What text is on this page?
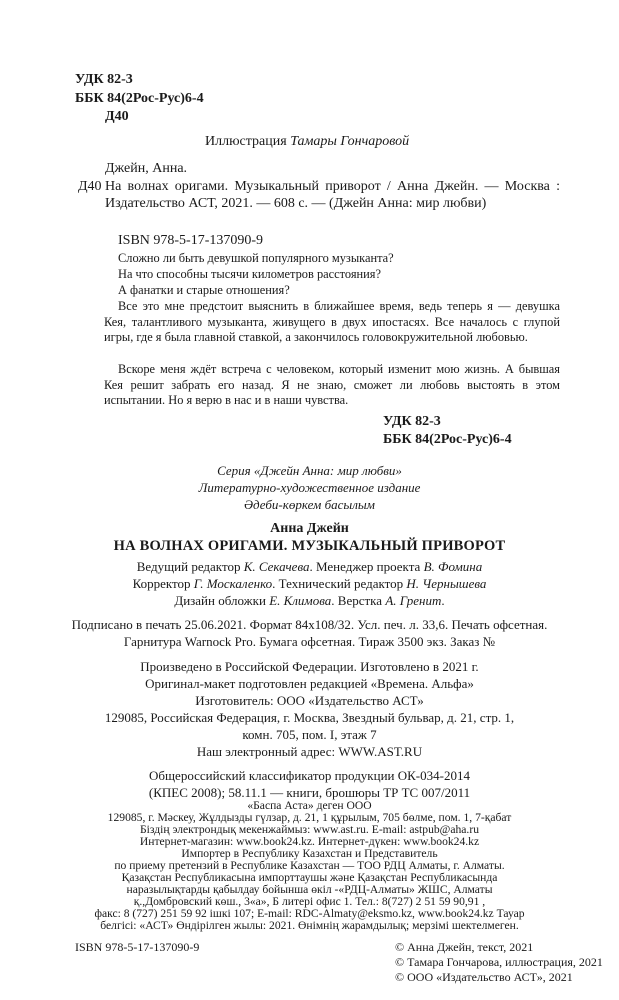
УДК 82-3
ББК 84(2Рос-Рус)6-4
Д40
Иллюстрация Тамары Гончаровой
Джейн, Анна.
Д40 На волнах оригами. Музыкальный приворот / Анна Джейн. — Москва : Издательство АСТ, 2021. — 608 с. — (Джейн Анна: мир любви)
ISBN 978-5-17-137090-9
Сложно ли быть девушкой популярного музыканта?
На что способны тысячи километров расстояния?
А фанатки и старые отношения?
Все это мне предстоит выяснить в ближайшее время, ведь теперь я — девушка Кея, талантливого музыканта, живущего в двух ипостасях. Все началось с глупой игры, где я была главной ставкой, а закончилось головокружительной любовью.
Вскоре меня ждёт встреча с человеком, который изменит мою жизнь. А бывшая Кея решит забрать его назад. Я не знаю, сможет ли любовь выстоять в этом испытании. Но я верю в нас и в наши чувства.
УДК 82-3
ББК 84(2Рос-Рус)6-4
Серия «Джейн Анна: мир любви»
Литературно-художественное издание
Әдеби-көркем басылым
Анна Джейн
НА ВОЛНАХ ОРИГАМИ. МУЗЫКАЛЬНЫЙ ПРИВОРОТ
Ведущий редактор К. Секачева. Менеджер проекта В. Фомина
Корректор Г. Москаленко. Технический редактор Н. Чернышева
Дизайн обложки Е. Климова. Верстка А. Гренит.
Подписано в печать 25.06.2021. Формат 84x108/32. Усл. печ. л. 33,6. Печать офсетная.
Гарнитура Warnock Pro. Бумага офсетная. Тираж 3500 экз. Заказ №
Произведено в Российской Федерации. Изготовлено в 2021 г.
Оригинал-макет подготовлен редакцией «Времена. Альфа»
Изготовитель: ООО «Издательство АСТ»
129085, Российская Федерация, г. Москва, Звездный бульвар, д. 21, стр. 1,
комн. 705, пом. I, этаж 7
Наш электронный адрес: WWW.AST.RU
Общероссийский классификатор продукции ОК-034-2014
(КПЕС 2008); 58.11.1 — книги, брошюры ТР ТС 007/2011
«Баспа Аста» деген ООО
129085, г. Мәскеу, Жұлдызды гүлзар, д. 21, 1 құрылым, 705 бөлме, пом. 1, 7-қабат
Біздің электрондық мекенжаймыз: www.ast.ru. E-mail: astpub@aha.ru
Интернет-магазин: www.book24.kz. Интернет-дүкен: www.book24.kz
Импортер в Республику Казахстан и Представитель
по приему претензий в Республике Казахстан — ТОО РДЦ Алматы, г. Алматы.
Қазақстан Республикасына импорттаушы және Қазақстан Республикасында
наразылықтарды қабылдау бойынша өкіл -«РДЦ-Алматы» ЖШС, Алматы
қ.,Домбровский көш., 3«а», Б литері офис 1. Тел.: 8(727) 2 51 59 90,91 ,
факс: 8 (727) 251 59 92 ішкі 107; E-mail: RDC-Almaty@eksmo.kz, www.book24.kz Тауар
белгісі: «АСТ» Өндірілген жылы: 2021. Өнімнің жарамдылық; мерзімі шектелмеген.
ISBN 978-5-17-137090-9	© Анна Джейн, текст, 2021
© Тамара Гончарова, иллюстрация, 2021
© ООО «Издательство АСТ», 2021
